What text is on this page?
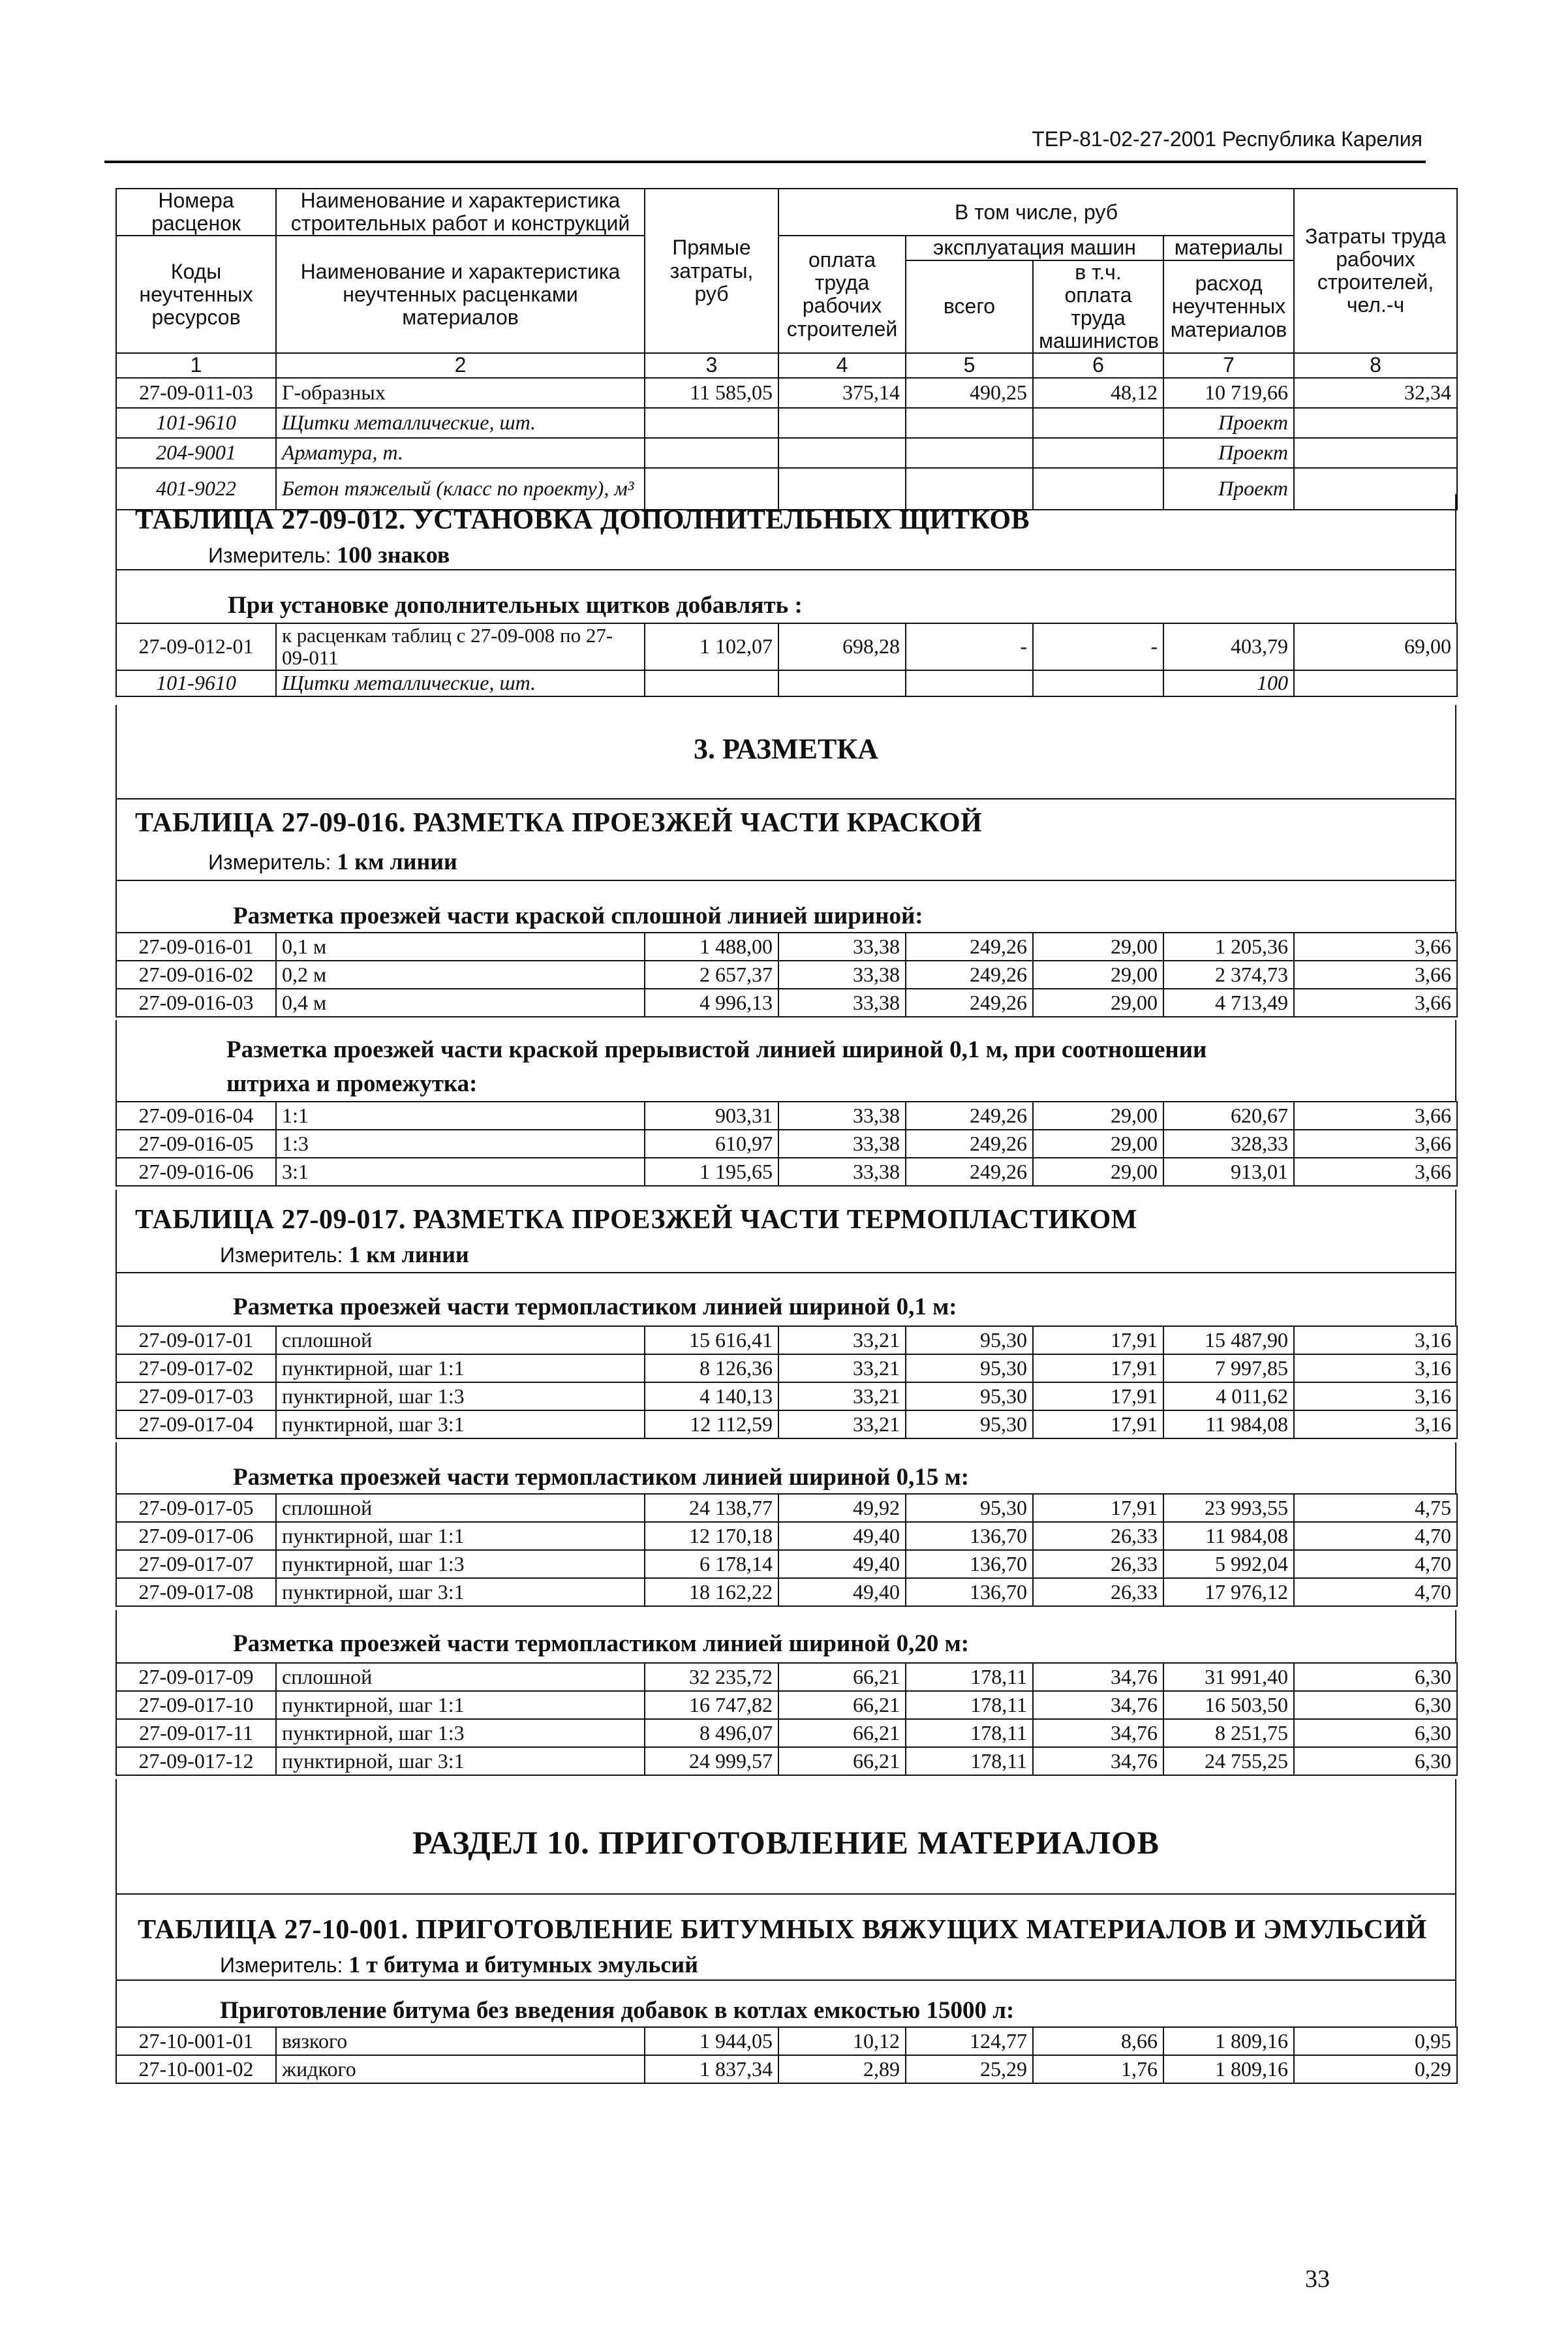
ТЕР-81-02-27-2001 Республика Карелия
Номера расценок	Наименование и характеристика строительных работ и конструкций	Прямые затраты, руб	В том числе, руб				Затраты труда рабочих строителей, чел.-ч
Коды неучтенных ресурсов	Наименование и характеристика неучтенных расценками материалов		оплата труда рабочих строителей	эксплуатация машин		материалы	
				всего	в т.ч. оплата труда машинистов	расход неучтенных материалов	
1	2	3	4	5	6	7	8
27-09-011-03	Г-образных	11 585,05	375,14	490,25	48,12	10 719,66	32,34
101-9610	Щитки металлические, шт.					Проект	
204-9001	Арматура, т.					Проект	
401-9022	Бетон тяжелый (класс по проекту), м³					Проект	
ТАБЛИЦА 27-09-012. УСТАНОВКА ДОПОЛНИТЕЛЬНЫХ ЩИТКОВ
Измеритель: 100 знаков
При установке дополнительных щитков добавлять :
27-09-012-01	к расценкам таблиц с 27-09-008 по 27-09-011	1 102,07	698,28	-	-	403,79	69,00
101-9610	Щитки металлические, шт.					100	
3. РАЗМЕТКА
ТАБЛИЦА 27-09-016. РАЗМЕТКА ПРОЕЗЖЕЙ ЧАСТИ КРАСКОЙ
Измеритель: 1 км линии
Разметка проезжей части краской сплошной линией шириной:
27-09-016-01	0,1 м	1 488,00	33,38	249,26	29,00	1 205,36	3,66
27-09-016-02	0,2 м	2 657,37	33,38	249,26	29,00	2 374,73	3,66
27-09-016-03	0,4 м	4 996,13	33,38	249,26	29,00	4 713,49	3,66
Разметка проезжей части краской прерывистой линией шириной 0,1 м, при соотношении
штриха и промежутка:
27-09-016-04	1:1	903,31	33,38	249,26	29,00	620,67	3,66
27-09-016-05	1:3	610,97	33,38	249,26	29,00	328,33	3,66
27-09-016-06	3:1	1 195,65	33,38	249,26	29,00	913,01	3,66
ТАБЛИЦА 27-09-017. РАЗМЕТКА ПРОЕЗЖЕЙ ЧАСТИ ТЕРМОПЛАСТИКОМ
Измеритель: 1 км линии
Разметка проезжей части термопластиком линией шириной 0,1 м:
27-09-017-01	сплошной	15 616,41	33,21	95,30	17,91	15 487,90	3,16
27-09-017-02	пунктирной, шаг 1:1	8 126,36	33,21	95,30	17,91	7 997,85	3,16
27-09-017-03	пунктирной, шаг 1:3	4 140,13	33,21	95,30	17,91	4 011,62	3,16
27-09-017-04	пунктирной, шаг 3:1	12 112,59	33,21	95,30	17,91	11 984,08	3,16
Разметка проезжей части термопластиком линией шириной 0,15 м:
27-09-017-05	сплошной	24 138,77	49,92	95,30	17,91	23 993,55	4,75
27-09-017-06	пунктирной, шаг 1:1	12 170,18	49,40	136,70	26,33	11 984,08	4,70
27-09-017-07	пунктирной, шаг 1:3	6 178,14	49,40	136,70	26,33	5 992,04	4,70
27-09-017-08	пунктирной, шаг 3:1	18 162,22	49,40	136,70	26,33	17 976,12	4,70
Разметка проезжей части термопластиком линией шириной 0,20 м:
27-09-017-09	сплошной	32 235,72	66,21	178,11	34,76	31 991,40	6,30
27-09-017-10	пунктирной, шаг 1:1	16 747,82	66,21	178,11	34,76	16 503,50	6,30
27-09-017-11	пунктирной, шаг 1:3	8 496,07	66,21	178,11	34,76	8 251,75	6,30
27-09-017-12	пунктирной, шаг 3:1	24 999,57	66,21	178,11	34,76	24 755,25	6,30
РАЗДЕЛ 10. ПРИГОТОВЛЕНИЕ МАТЕРИАЛОВ
ТАБЛИЦА 27-10-001. ПРИГОТОВЛЕНИЕ БИТУМНЫХ ВЯЖУЩИХ МАТЕРИАЛОВ И ЭМУЛЬСИЙ
Измеритель: 1 т битума и битумных эмульсий
Приготовление битума без введения добавок в котлах емкостью 15000 л:
27-10-001-01	вязкого	1 944,05	10,12	124,77	8,66	1 809,16	0,95
27-10-001-02	жидкого	1 837,34	2,89	25,29	1,76	1 809,16	0,29
33
